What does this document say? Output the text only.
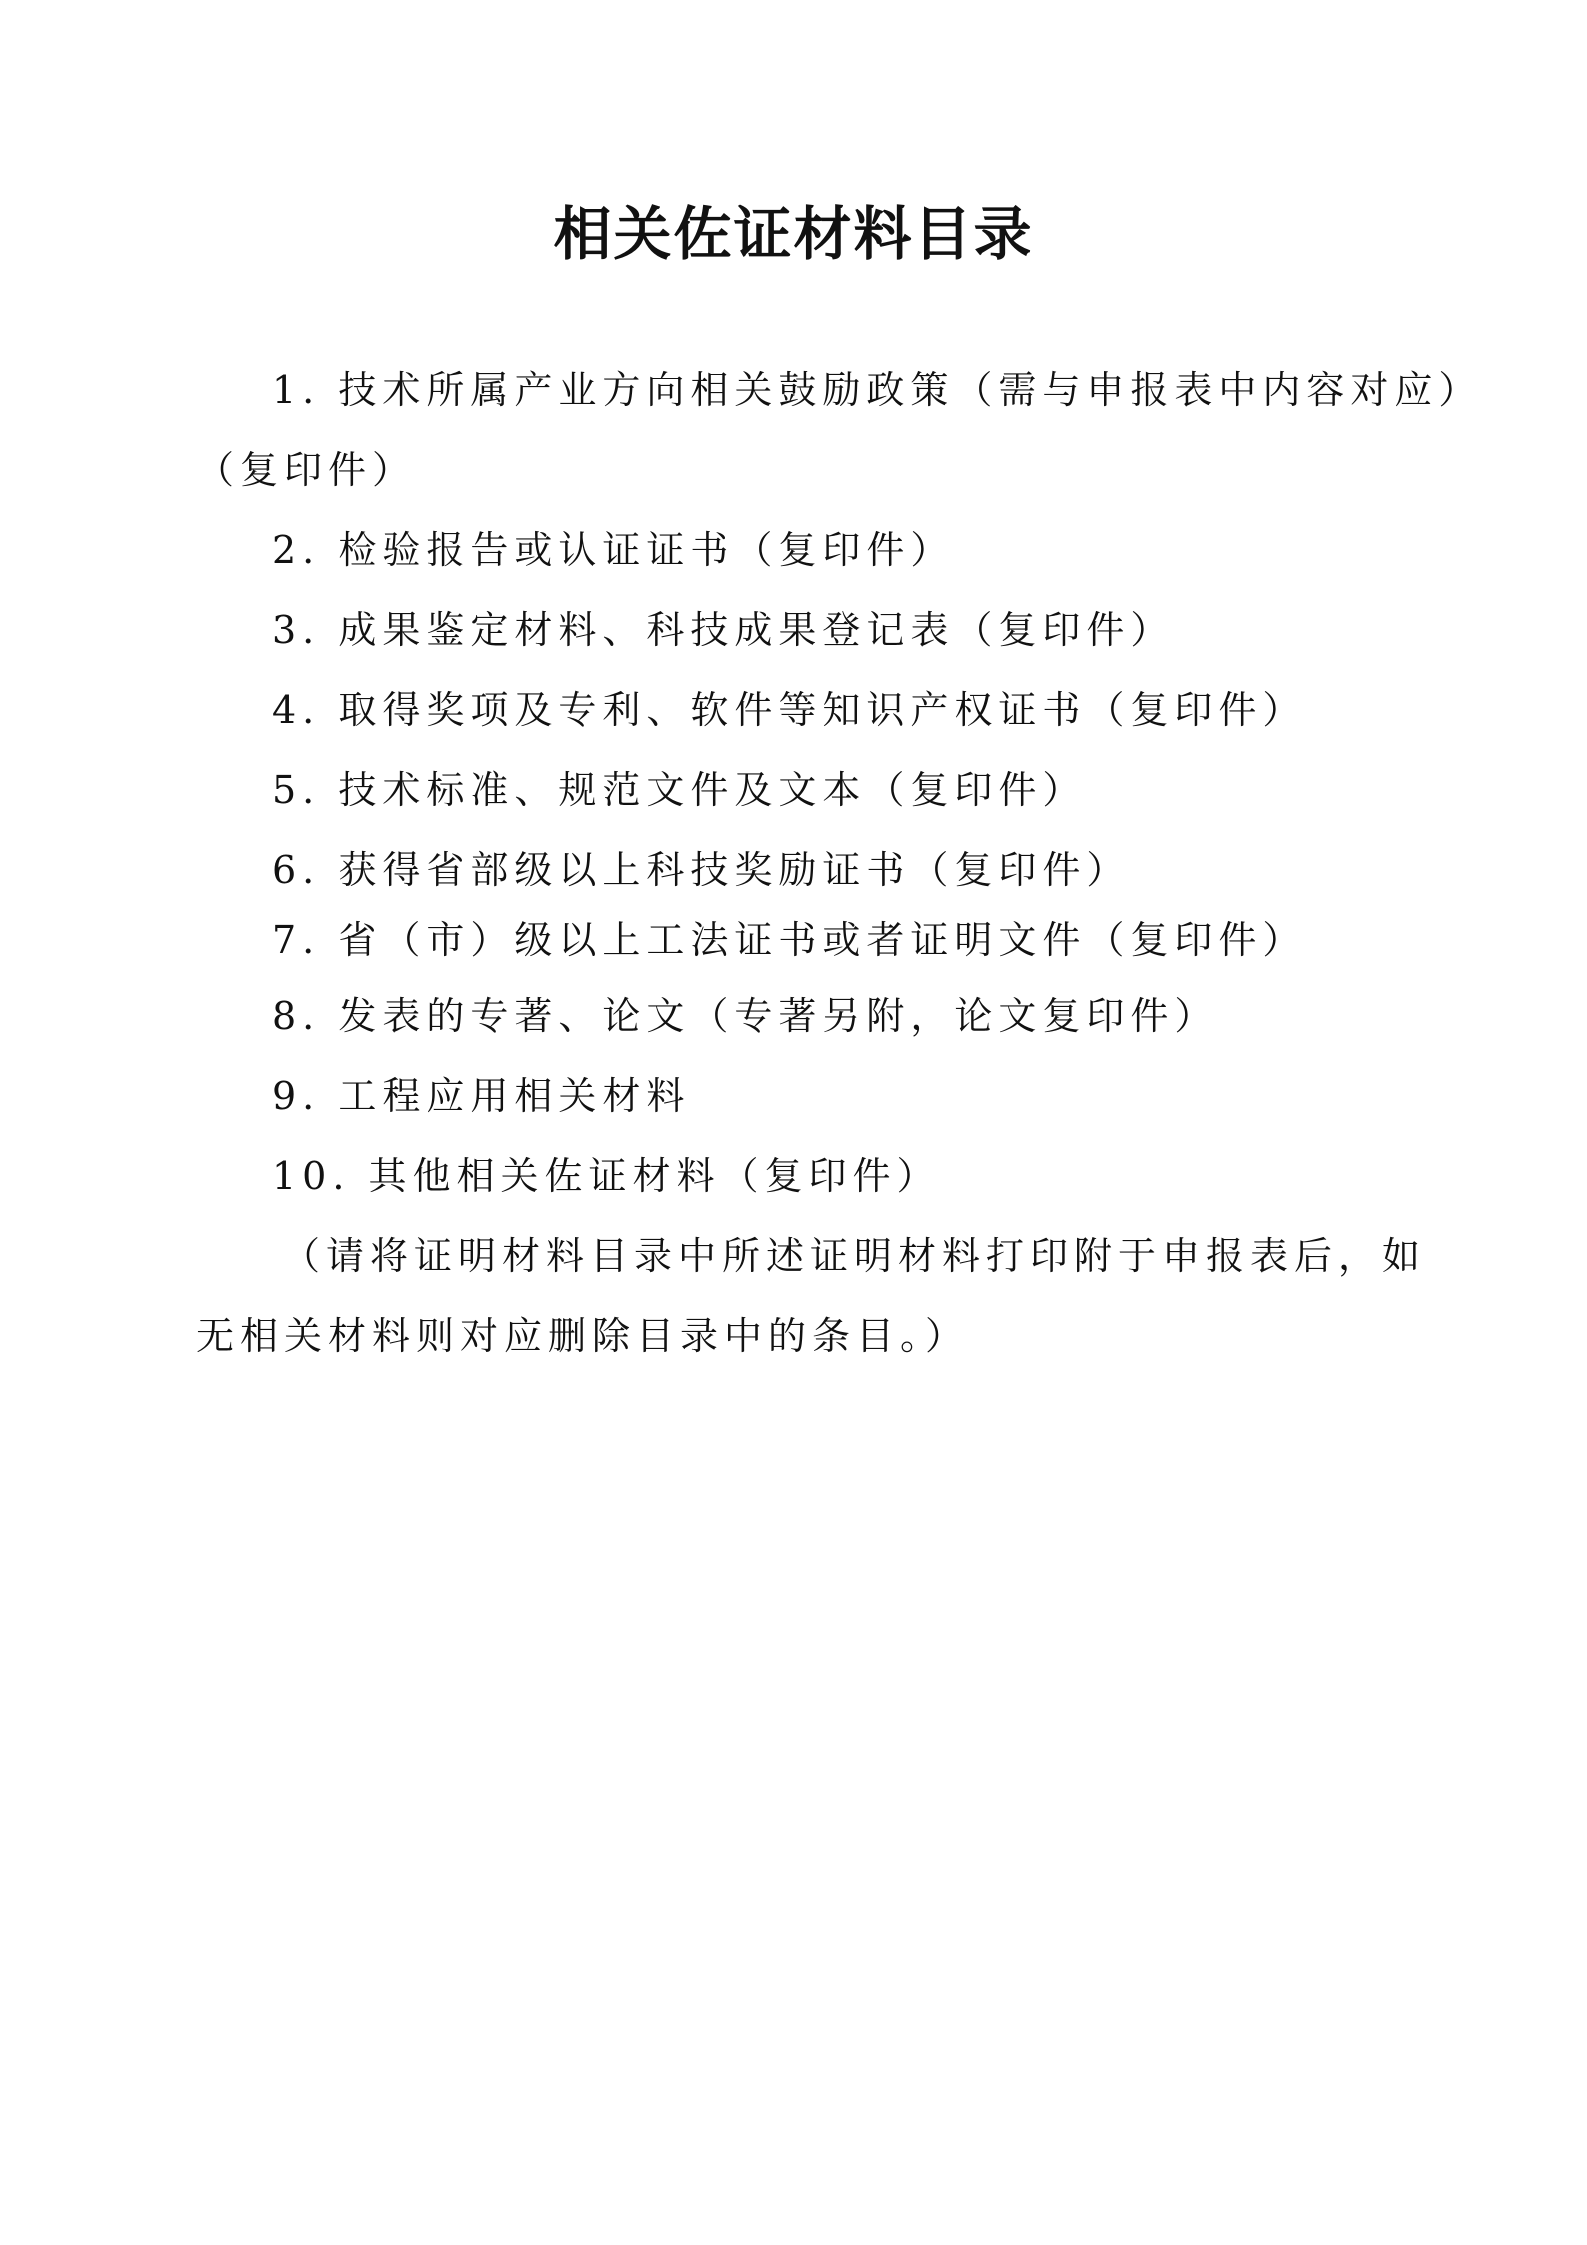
相关佐证材料目录
1. 技术所属产业方向相关鼓励政策（需与申报表中内容对应）
（复印件）
2. 检验报告或认证证书（复印件）
3. 成果鉴定材料、科技成果登记表（复印件）
4. 取得奖项及专利、软件等知识产权证书（复印件）
5. 技术标准、规范文件及文本（复印件）
6. 获得省部级以上科技奖励证书（复印件）
7. 省（市）级以上工法证书或者证明文件（复印件）
8. 发表的专著、论文（专著另附，论文复印件）
9. 工程应用相关材料
10. 其他相关佐证材料（复印件）
（请将证明材料目录中所述证明材料打印附于申报表后，如
无相关材料则对应删除目录中的条目。）
